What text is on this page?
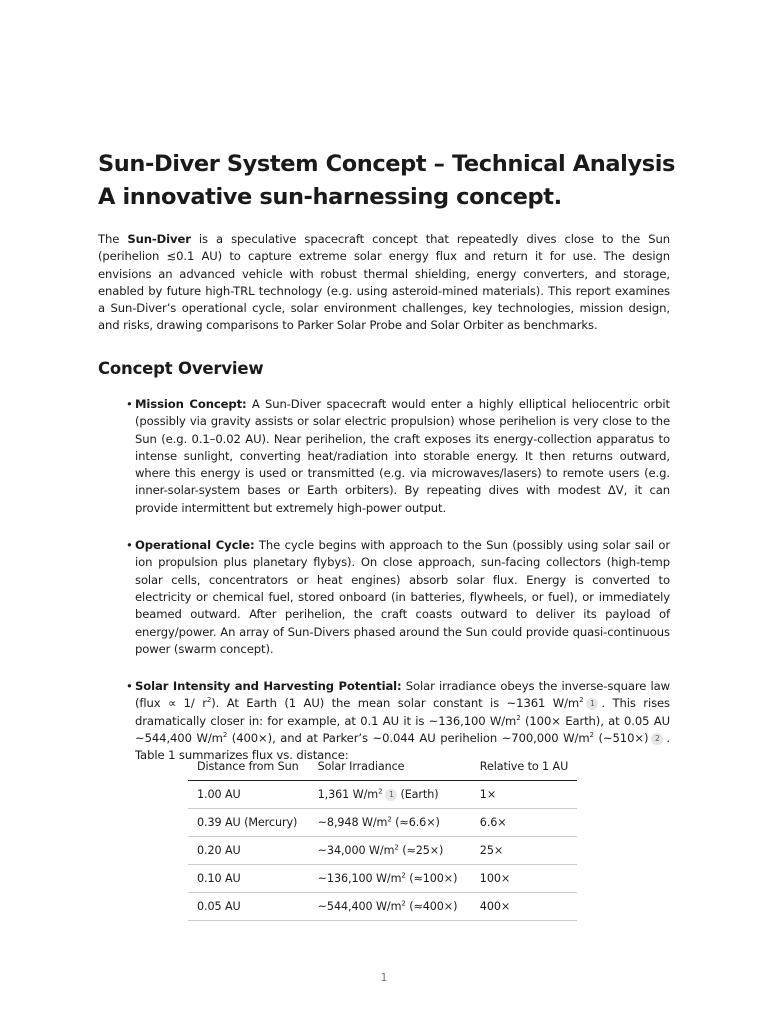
Sun-Diver System Concept – Technical Analysis
A innovative sun-harnessing concept.

The Sun-Diver is a speculative spacecraft concept that repeatedly dives close to the Sun (perihelion ≲0.1 AU) to capture extreme solar energy flux and return it for use. The design envisions an advanced vehicle with robust thermal shielding, energy converters, and storage, enabled by future high-TRL technology (e.g. using asteroid-mined materials). This report examines a Sun-Diver’s operational cycle, solar environment challenges, key technologies, mission design, and risks, drawing comparisons to Parker Solar Probe and Solar Orbiter as benchmarks.

Concept Overview
• Mission Concept: A Sun-Diver spacecraft would enter a highly elliptical heliocentric orbit (possibly via gravity assists or solar electric propulsion) whose perihelion is very close to the Sun (e.g. 0.1–0.02 AU). Near perihelion, the craft exposes its energy-collection apparatus to intense sunlight, converting heat/radiation into storable energy. It then returns outward, where this energy is used or transmitted (e.g. via microwaves/lasers) to remote users (e.g. inner-solar-system bases or Earth orbiters). By repeating dives with modest ΔV, it can provide intermittent but extremely high-power output.
• Operational Cycle: The cycle begins with approach to the Sun (possibly using solar sail or ion propulsion plus planetary flybys). On close approach, sun-facing collectors (high-temp solar cells, concentrators or heat engines) absorb solar flux. Energy is converted to electricity or chemical fuel, stored onboard (in batteries, flywheels, or fuel), or immediately beamed outward. After perihelion, the craft coasts outward to deliver its payload of energy/power. An array of Sun-Divers phased around the Sun could provide quasi-continuous power (swarm concept).
• Solar Intensity and Harvesting Potential: Solar irradiance obeys the inverse-square law (flux ∝ 1/ $r^2$). At Earth (1 AU) the mean solar constant is ~1361 $W/m^2$ 1 . This rises dramatically closer in: for example, at 0.1 AU it is ~136,100 $W/m^2$ (100× Earth), at 0.05 AU ~544,400 $W/m^2$ (400×), and at Parker’s ~0.044 AU perihelion ~700,000 $W/m^2$ (~510×) 2 . Table 1 summarizes flux vs. distance:
Distance from Sun	Solar Irradiance	Relative to 1 AU
1.00 AU	1,361 $W/m^2$ 1 (Earth)	1×
0.39 AU (Mercury)	~8,948 $W/m^2$ (≈6.6×)	6.6×
0.20 AU	~34,000 $W/m^2$ (≈25×)	25×
0.10 AU	~136,100 $W/m^2$ (≈100×)	100×
0.05 AU	~544,400 $W/m^2$ (≈400×)	400×
1
